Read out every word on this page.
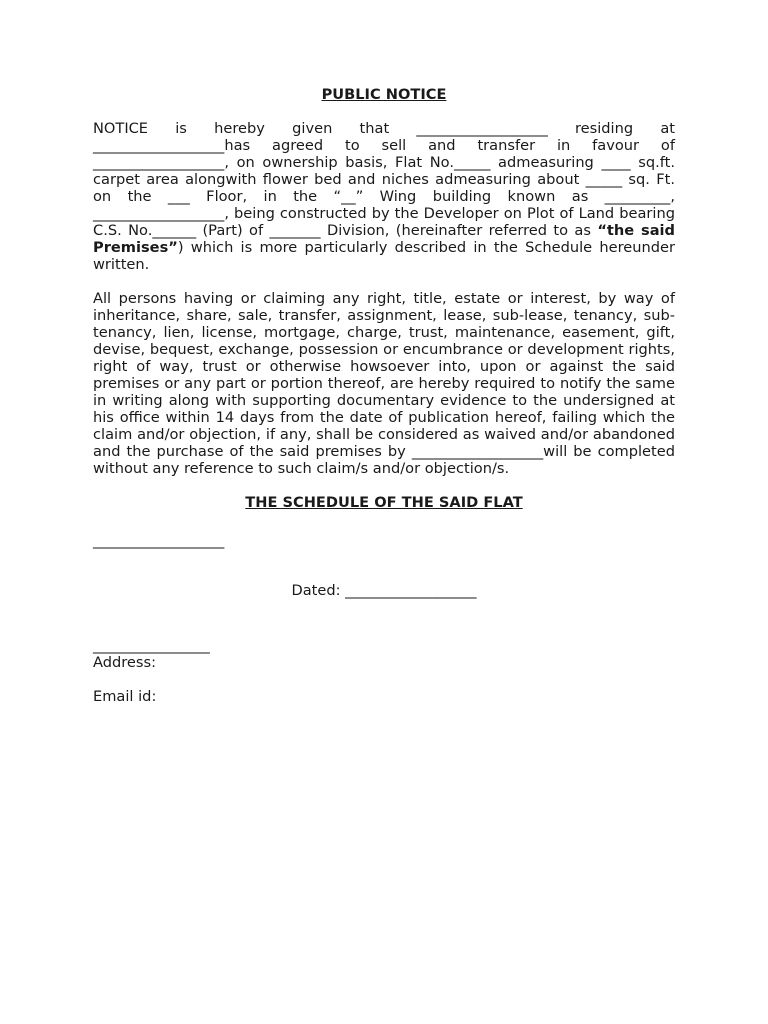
PUBLIC NOTICE

NOTICE is hereby given that __________________ residing at __________________has agreed to sell and transfer in favour of __________________, on ownership basis, Flat No._____ admeasuring ____ sq.ft. carpet area alongwith flower bed and niches admeasuring about _____ sq. Ft. on the ___ Floor, in the “__” Wing building known as _________, __________________, being constructed by the Developer on Plot of Land bearing C.S. No.______ (Part) of _______ Division, (hereinafter referred to as “the said Premises”) which is more particularly described in the Schedule hereunder written.

All persons having or claiming any right, title, estate or interest, by way of inheritance, share, sale, transfer, assignment, lease, sub-lease, tenancy, sub-tenancy, lien, license, mortgage, charge, trust, maintenance, easement, gift, devise, bequest, exchange, possession or encumbrance or development rights, right of way, trust or otherwise howsoever into, upon or against the said premises or any part or portion thereof, are hereby required to notify the same in writing along with supporting documentary evidence to the undersigned at his office within 14 days from the date of publication hereof, failing which the claim and/or objection, if any, shall be considered as waived and/or abandoned and the purchase of the said premises by __________________will be completed without any reference to such claim/s and/or objection/s.

THE SCHEDULE OF THE SAID FLAT

__________________

Dated: __________________

________________

Address:

Email id:
